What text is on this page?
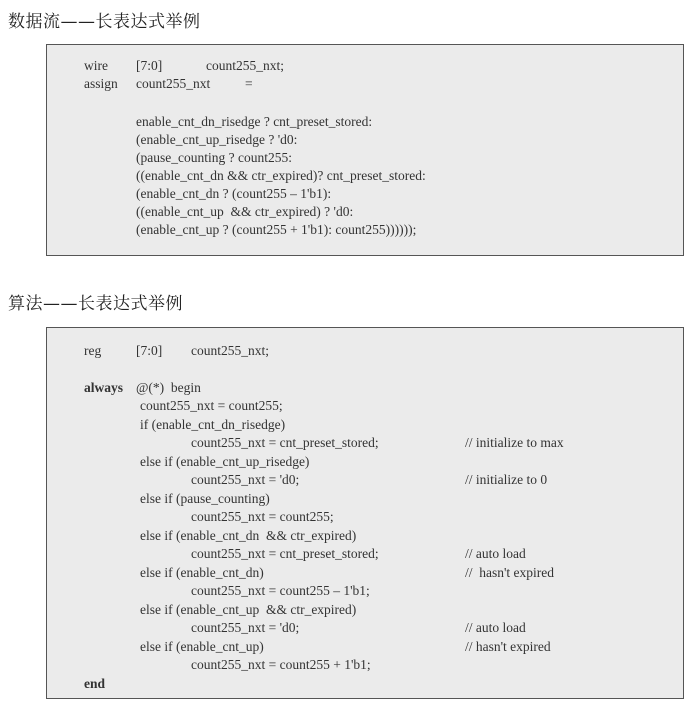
数据流——长表达式举例
wire [7:0]	count255_nxt;
assign count255_nxt	=
enable_cnt_dn_risedge ? cnt_preset_stored:
(enable_cnt_up_risedge ? 'd0:
(pause_counting ? count255:
((enable_cnt_dn && ctr_expired)? cnt_preset_stored:
(enable_cnt_dn ? (count255 – 1'b1):
((enable_cnt_up  && ctr_expired) ? 'd0:
(enable_cnt_up ? (count255 + 1'b1): count255))))));
算法——长表达式举例
reg	[7:0] count255_nxt;
always @(*)  begin
count255_nxt = count255;
if (enable_cnt_dn_risedge)
count255_nxt = cnt_preset_stored;	// initialize to max
else if (enable_cnt_up_risedge)
count255_nxt = 'd0;	// initialize to 0
else if (pause_counting)
count255_nxt = count255;
else if (enable_cnt_dn  && ctr_expired)
count255_nxt = cnt_preset_stored;	// auto load
else if (enable_cnt_dn)	//  hasn't expired
count255_nxt = count255 – 1'b1;
else if (enable_cnt_up  && ctr_expired)
count255_nxt = 'd0;	// auto load
else if (enable_cnt_up)	// hasn't expired
count255_nxt = count255 + 1'b1;
end
